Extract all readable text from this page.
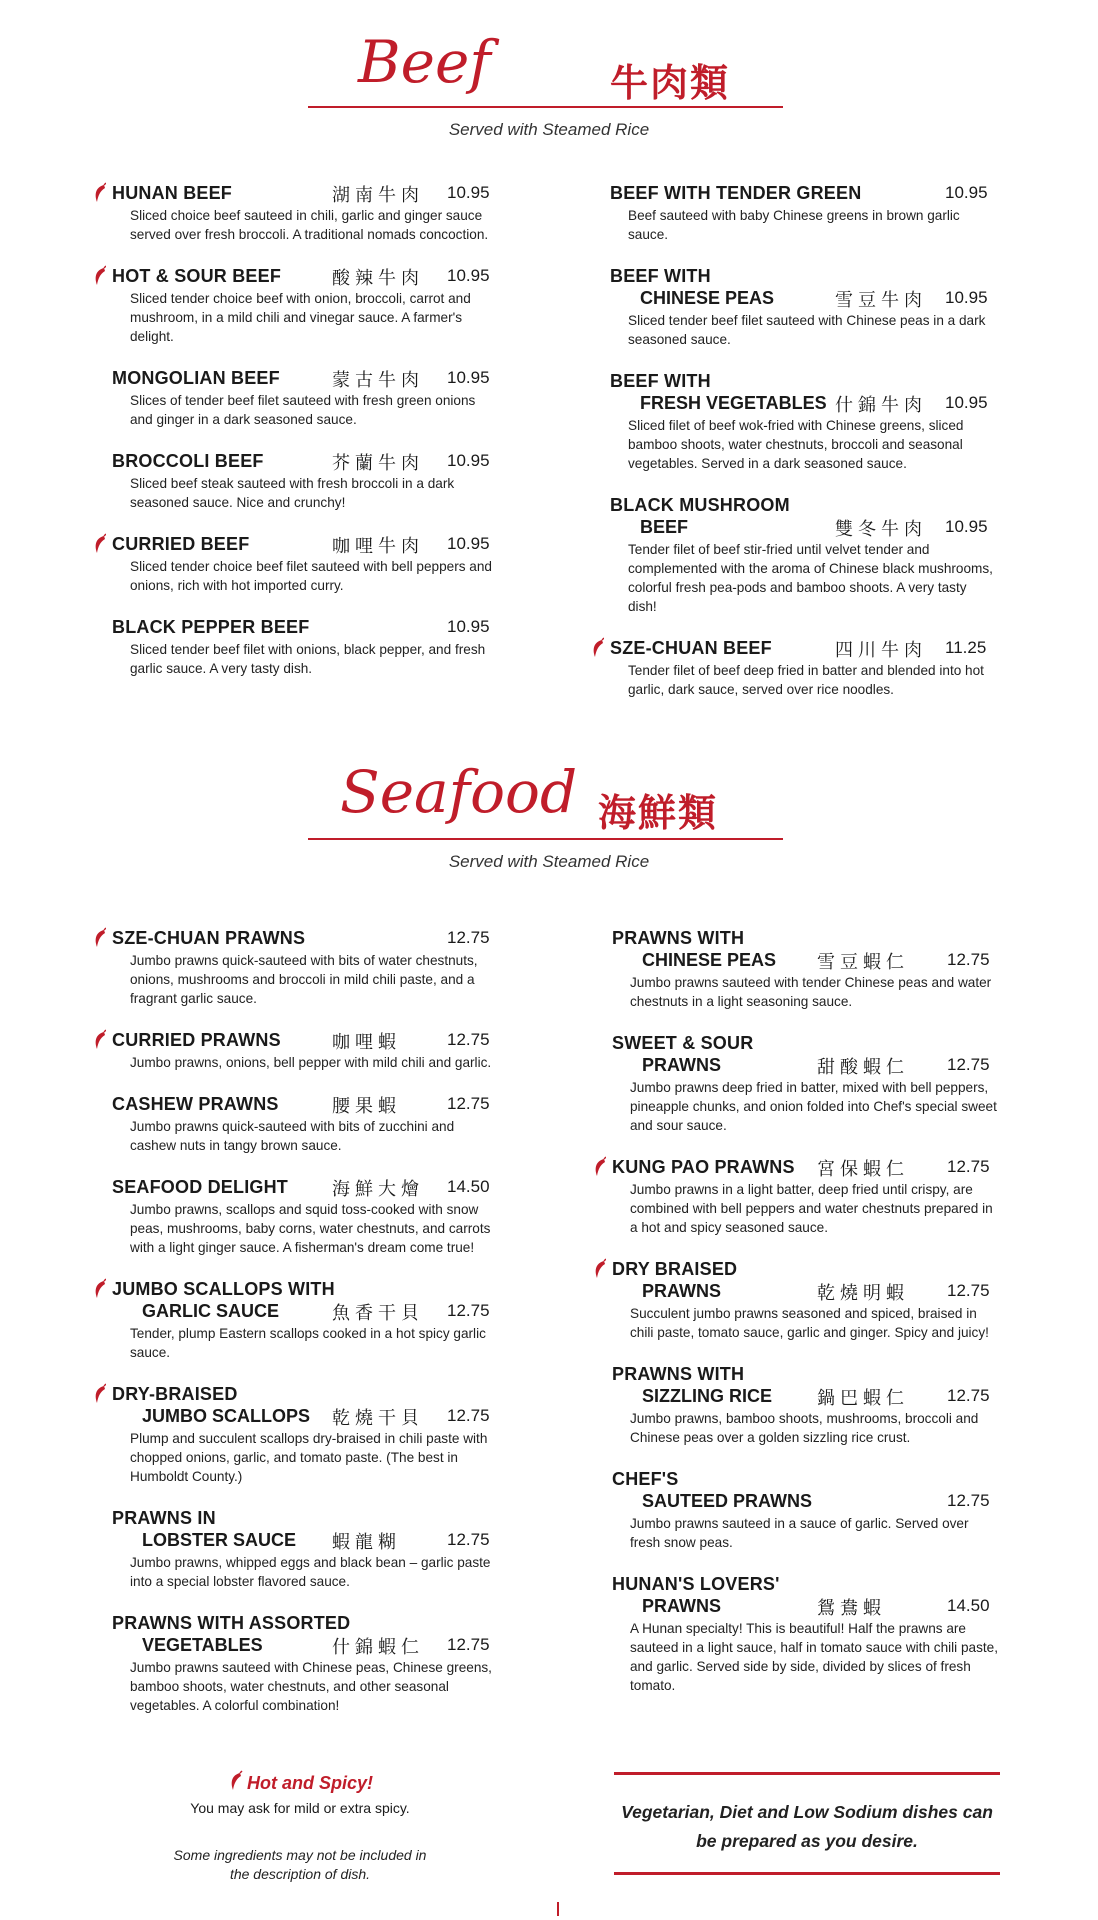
Beef	牛肉類
Served with Steamed Rice
HUNAN BEEF	湖南牛肉 10.95
Sliced choice beef sauteed in chili, garlic and ginger sauce served over fresh broccoli. A traditional nomads concoction.
HOT & SOUR BEEF	酸辣牛肉 10.95
Sliced tender choice beef with onion, broccoli, carrot and mushroom, in a mild chili and vinegar sauce. A farmer's delight.
MONGOLIAN BEEF	蒙古牛肉 10.95
Slices of tender beef filet sauteed with fresh green onions and ginger in a dark seasoned sauce.
BROCCOLI BEEF	芥蘭牛肉 10.95
Sliced beef steak sauteed with fresh broccoli in a dark seasoned sauce. Nice and crunchy!
CURRIED BEEF	咖哩牛肉 10.95
Sliced tender choice beef filet sauteed with bell peppers and onions, rich with hot imported curry.
BLACK PEPPER BEEF	10.95
Sliced tender beef filet with onions, black pepper, and fresh garlic sauce. A very tasty dish.
BEEF WITH TENDER GREEN	10.95
Beef sauteed with baby Chinese greens in brown garlic sauce.
BEEF WITH
CHINESE PEAS	雪豆牛肉 10.95
Sliced tender beef filet sauteed with Chinese peas in a dark seasoned sauce.
BEEF WITH
FRESH VEGETABLES 什錦牛肉 10.95
Sliced filet of beef wok-fried with Chinese greens, sliced bamboo shoots, water chestnuts, broccoli and seasonal vegetables. Served in a dark seasoned sauce.
BLACK MUSHROOM
BEEF	雙冬牛肉 10.95
Tender filet of beef stir-fried until velvet tender and complemented with the aroma of Chinese black mushrooms, colorful fresh pea-pods and bamboo shoots. A very tasty dish!
SZE-CHUAN BEEF	四川牛肉 11.25
Tender filet of beef deep fried in batter and blended into hot garlic, dark sauce, served over rice noodles.
Seafood 海鮮類
Served with Steamed Rice
SZE-CHUAN PRAWNS	12.75
Jumbo prawns quick-sauteed with bits of water chestnuts, onions, mushrooms and broccoli in mild chili paste, and a fragrant garlic sauce.
CURRIED PRAWNS	咖哩蝦	12.75
Jumbo prawns, onions, bell pepper with mild chili and garlic.
CASHEW PRAWNS	腰果蝦	12.75
Jumbo prawns quick-sauteed with bits of zucchini and cashew nuts in tangy brown sauce.
SEAFOOD DELIGHT 海鮮大燴 14.50
Jumbo prawns, scallops and squid toss-cooked with snow peas, mushrooms, baby corns, water chestnuts, and carrots with a light ginger sauce. A fisherman's dream come true!
JUMBO SCALLOPS WITH
GARLIC SAUCE	魚香干貝 12.75
Tender, plump Eastern scallops cooked in a hot spicy garlic sauce.
DRY-BRAISED
JUMBO SCALLOPS 乾燒干貝 12.75
Plump and succulent scallops dry-braised in chili paste with chopped onions, garlic, and tomato paste. (The best in Humboldt County.)
PRAWNS IN
LOBSTER SAUCE 蝦龍糊	12.75
Jumbo prawns, whipped eggs and black bean – garlic paste into a special lobster flavored sauce.
PRAWNS WITH ASSORTED
VEGETABLES	什錦蝦仁 12.75
Jumbo prawns sauteed with Chinese peas, Chinese greens, bamboo shoots, water chestnuts, and other seasonal vegetables. A colorful combination!
PRAWNS WITH
CHINESE PEAS 雪豆蝦仁 12.75
Jumbo prawns sauteed with tender Chinese peas and water chestnuts in a light seasoning sauce.
SWEET & SOUR
PRAWNS	甜酸蝦仁 12.75
Jumbo prawns deep fried in batter, mixed with bell peppers, pineapple chunks, and onion folded into Chef's special sweet and sour sauce.
KUNG PAO PRAWNS 宮保蝦仁 12.75
Jumbo prawns in a light batter, deep fried until crispy, are combined with bell peppers and water chestnuts prepared in a hot and spicy seasoned sauce.
DRY BRAISED
PRAWNS	乾燒明蝦 12.75
Succulent jumbo prawns seasoned and spiced, braised in chili paste, tomato sauce, garlic and ginger. Spicy and juicy!
PRAWNS WITH
SIZZLING RICE	鍋巴蝦仁 12.75
Jumbo prawns, bamboo shoots, mushrooms, broccoli and Chinese peas over a golden sizzling rice crust.
CHEF'S
SAUTEED PRAWNS	12.75
Jumbo prawns sauteed in a sauce of garlic. Served over fresh snow peas.
HUNAN'S LOVERS'
PRAWNS	鴛鴦蝦	14.50
A Hunan specialty! This is beautiful! Half the prawns are sauteed in a light sauce, half in tomato sauce with chili paste, and garlic. Served side by side, divided by slices of fresh tomato.
Hot and Spicy!
You may ask for mild or extra spicy.
Some ingredients may not be included in the description of dish.
Vegetarian, Diet and Low Sodium dishes can be prepared as you desire.
